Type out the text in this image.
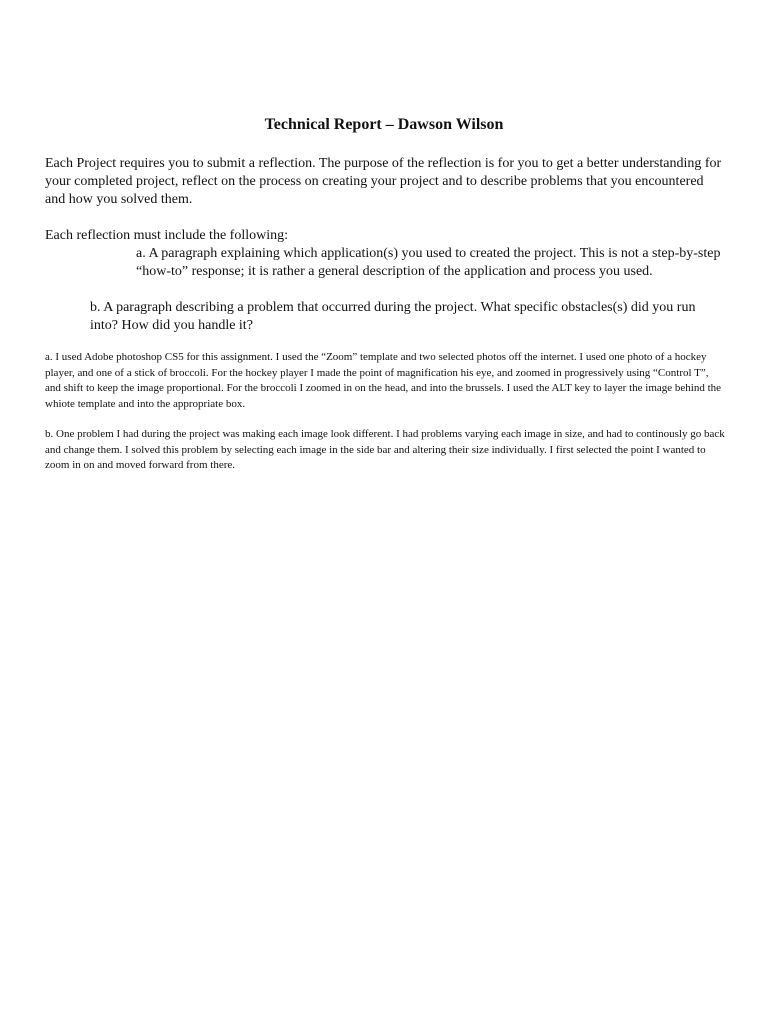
Technical Report – Dawson Wilson

Each Project requires you to submit a reflection. The purpose of the reflection is for you to get a better understanding for your completed project, reflect on the process on creating your project and to describe problems that you encountered and how you solved them.

Each reflection must include the following:

a. A paragraph explaining which application(s) you used to created the project. This is not a step-by-step “how-to” response; it is rather a general description of the application and process you used.

b. A paragraph describing a problem that occurred during the project. What specific obstacles(s) did you run into? How did you handle it?

a. I used Adobe photoshop CS5 for this assignment. I used the “Zoom” template and two selected photos off the internet. I used one photo of a hockey player, and one of a stick of broccoli. For the hockey player I made the point of magnification his eye, and zoomed in progressively using “Control T”, and shift to keep the image proportional. For the broccoli I zoomed in on the head, and into the brussels. I used the ALT key to layer the image behind the whiote template and into the appropriate box.

b. One problem I had during the project was making each image look different. I had problems varying each image in size, and had to continously go back and change them. I solved this problem by selecting each image in the side bar and altering their size individually. I first selected the point I wanted to zoom in on and moved forward from there.
